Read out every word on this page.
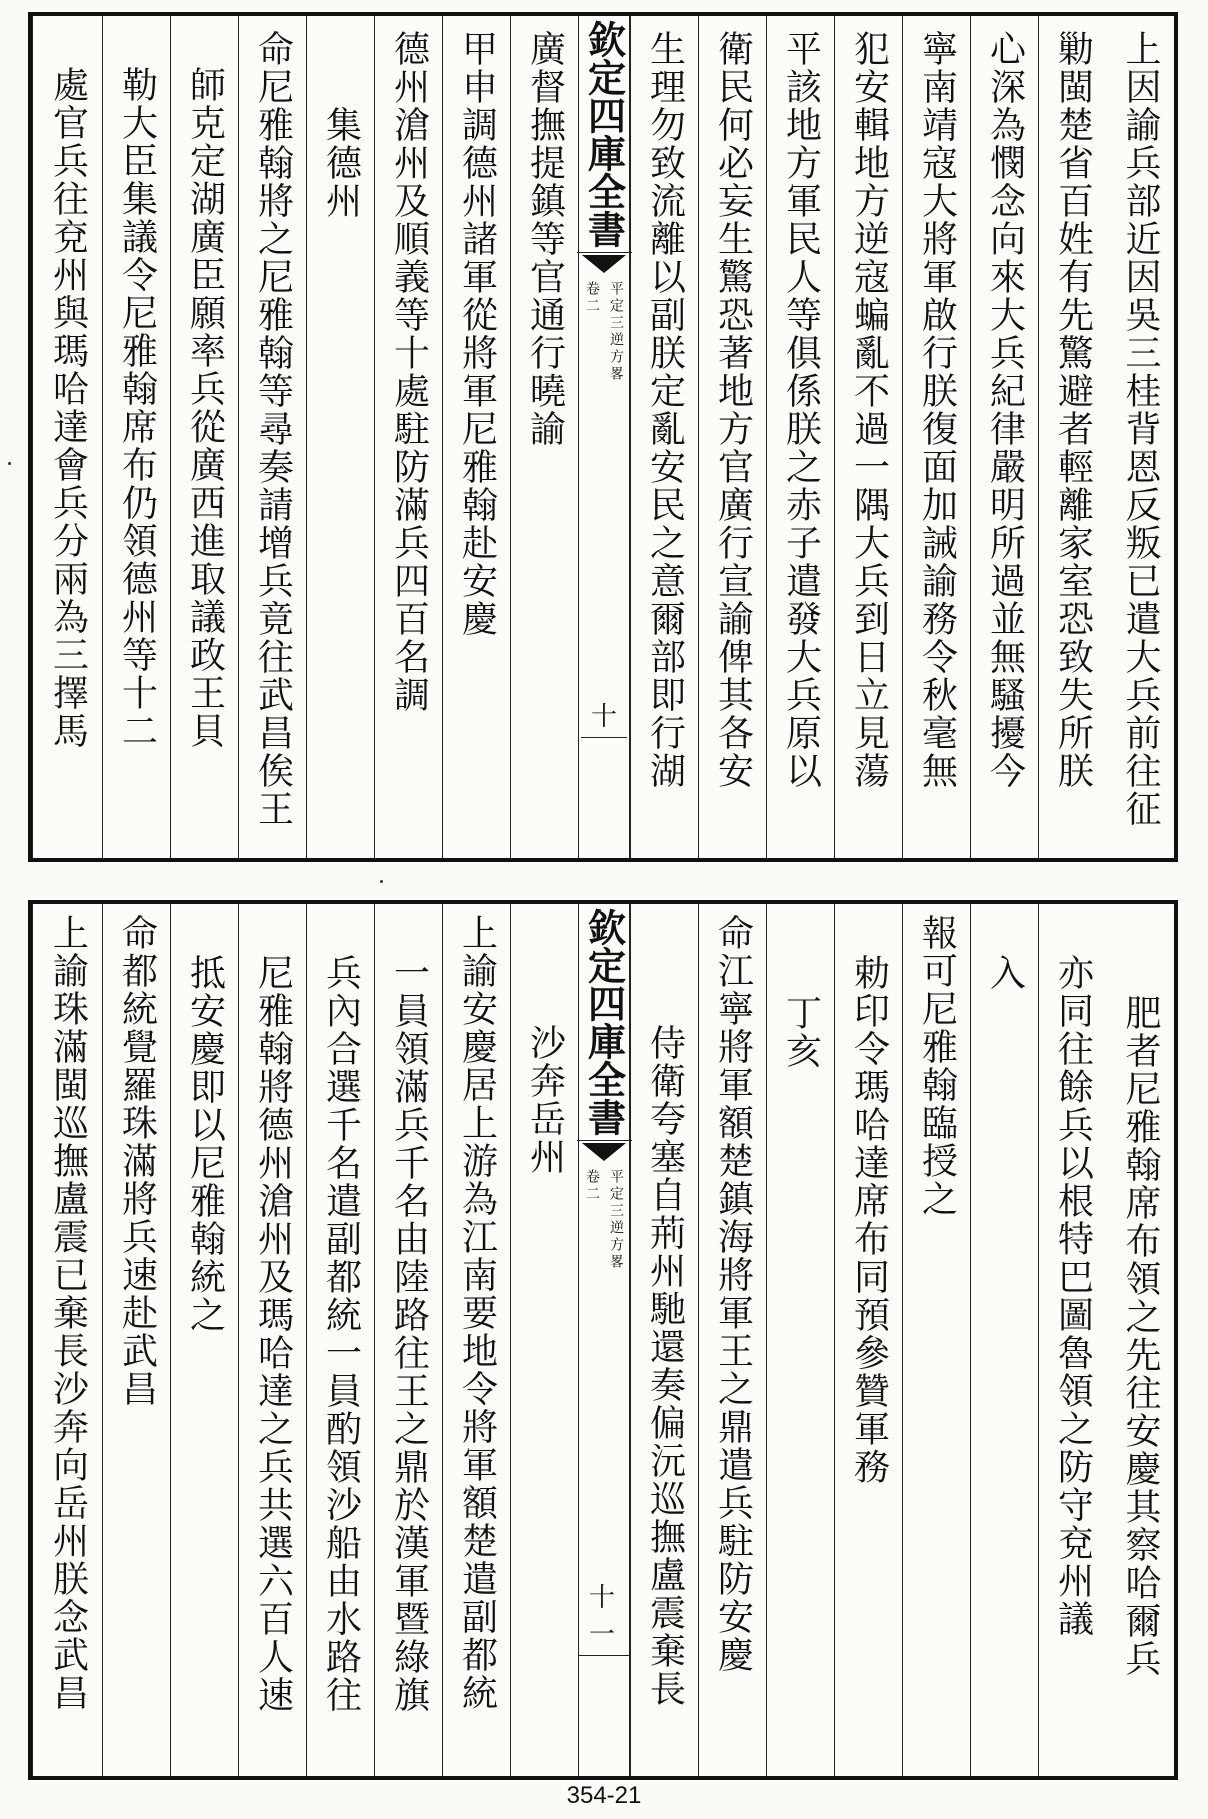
上因諭兵部近因吳三桂背恩反叛已遣大兵前往征
勦閩楚省百姓有先驚避者輕離家室恐致失所朕
心深為憫念向來大兵紀律嚴明所過並無騷擾今
寧南靖寇大將軍啟行朕復面加誡諭務令秋毫無
犯安輯地方逆寇蝙亂不過一隅大兵到日立見蕩
平該地方軍民人等俱係朕之赤子遣發大兵原以
衛民何必妄生驚恐著地方官廣行宣諭俾其各安
生理勿致流離以副朕定亂安民之意爾部即行湖
欽定四庫全書
平定三逆方畧
卷二
十
廣督撫提鎮等官通行曉諭
甲申調德州諸軍從將軍尼雅翰赴安慶
德州滄州及順義等十處駐防滿兵四百名調
集德州
命尼雅翰將之尼雅翰等尋奏請增兵竟往武昌俟王
師克定湖廣臣願率兵從廣西進取議政王貝
勒大臣集議令尼雅翰席布仍領德州等十二
處官兵往兗州與瑪哈達會兵分兩為三擇馬
肥者尼雅翰席布領之先往安慶其察哈爾兵
亦同往餘兵以根特巴圖魯領之防守兗州議
入
報可尼雅翰臨授之
勅印令瑪哈達席布同預參贊軍務
丁亥
命江寧將軍額楚鎮海將軍王之鼎遣兵駐防安慶
侍衛夸塞自荊州馳還奏偏沅巡撫盧震棄長
欽定四庫全書
平定三逆方畧
卷二
十一
沙奔岳州
上諭安慶居上游為江南要地令將軍額楚遣副都統
一員領滿兵千名由陸路往王之鼎於漢軍暨綠旗
兵內合選千名遣副都統一員酌領沙船由水路往
尼雅翰將德州滄州及瑪哈達之兵共選六百人速
抵安慶即以尼雅翰統之
命都統覺羅珠滿將兵速赴武昌
上諭珠滿閩巡撫盧震已棄長沙奔向岳州朕念武昌
354-21
